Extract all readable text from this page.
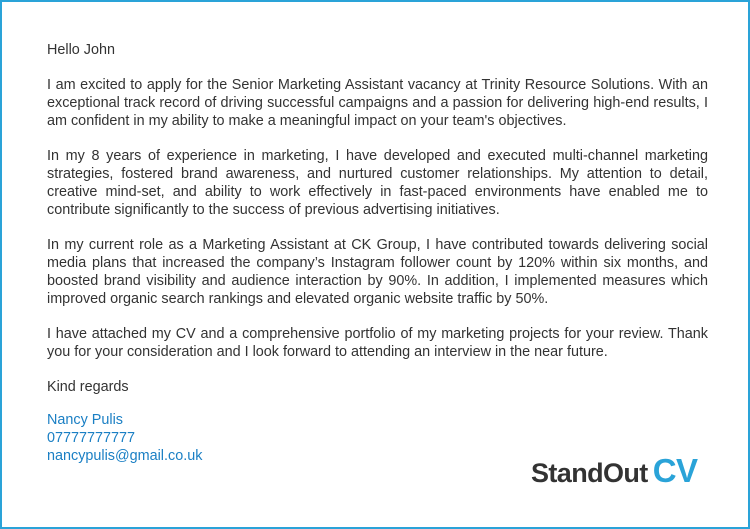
Hello John

I am excited to apply for the Senior Marketing Assistant vacancy at Trinity Resource Solutions. With an exceptional track record of driving successful campaigns and a passion for delivering high-end results, I am confident in my ability to make a meaningful impact on your team's objectives.

In my 8 years of experience in marketing, I have developed and executed multi-channel marketing strategies, fostered brand awareness, and nurtured customer relationships. My attention to detail, creative mind-set, and ability to work effectively in fast-paced environments have enabled me to contribute significantly to the success of previous advertising initiatives.

In my current role as a Marketing Assistant at CK Group, I have contributed towards delivering social media plans that increased the company’s Instagram follower count by 120% within six months, and boosted brand visibility and audience interaction by 90%. In addition, I implemented measures which improved organic search rankings and elevated organic website traffic by 50%.

I have attached my CV and a comprehensive portfolio of my marketing projects for your review. Thank you for your consideration and I look forward to attending an interview in the near future.

Kind regards

Nancy Pulis
07777777777
nancypulis@gmail.co.uk
StandOut CV
